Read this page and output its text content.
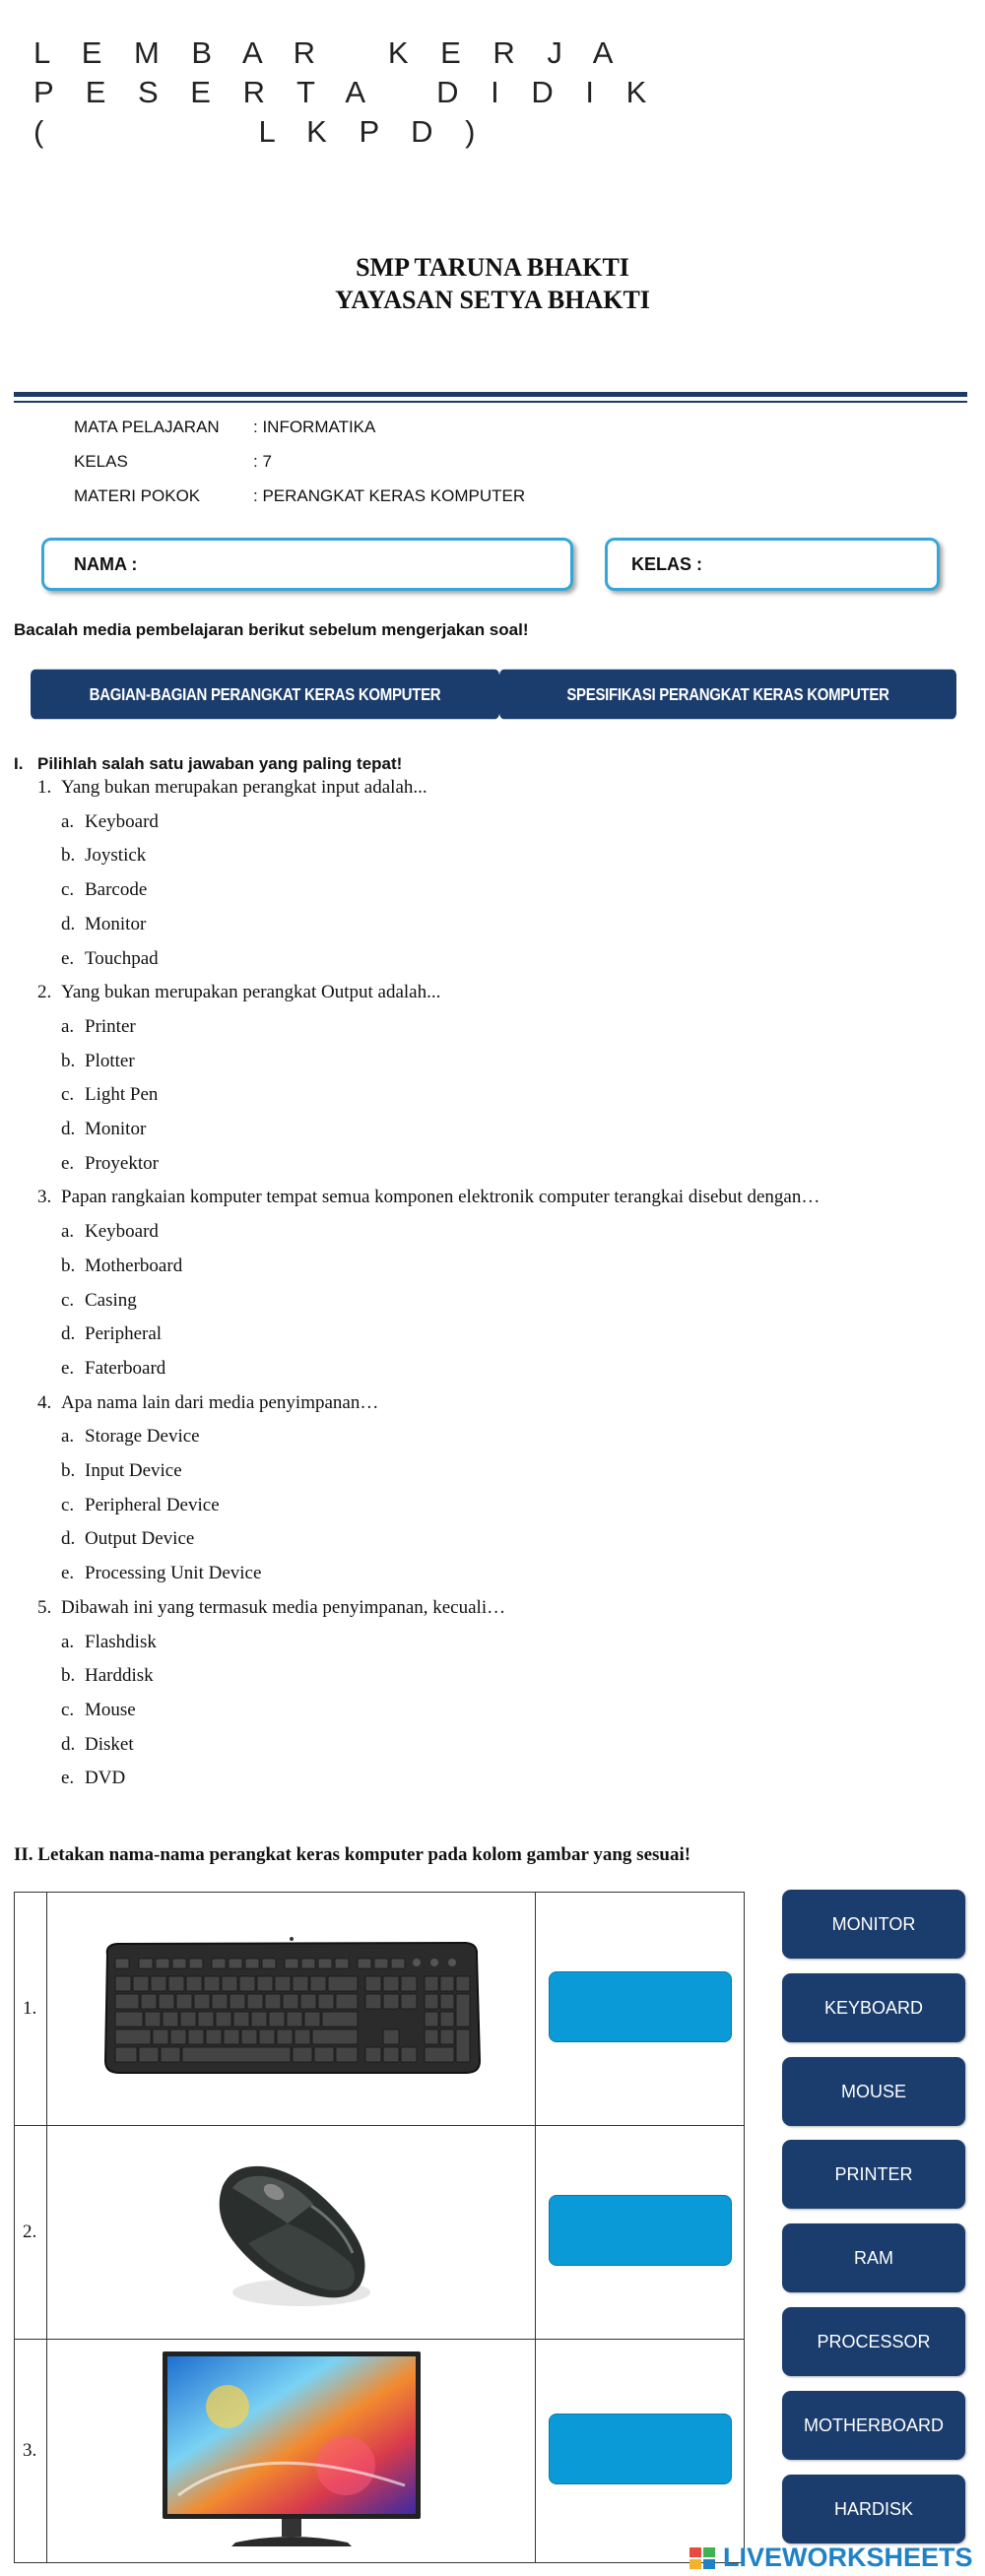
L E M B A R   K E R J A
P E S E R T A   D I D I K
(          L K P D )
SMP TARUNA BHAKTI
YAYASAN SETYA BHAKTI
MATA PELAJARAN	: INFORMATIKA
KELAS	: 7
MATERI POKOK	: PERANGKAT KERAS KOMPUTER
NAMA :	KELAS :
Bacalah media pembelajaran berikut sebelum mengerjakan soal!
BAGIAN-BAGIAN PERANGKAT KERAS KOMPUTER	SPESIFIKASI PERANGKAT KERAS KOMPUTER
I. Pilihlah salah satu jawaban yang paling tepat!
1. Yang bukan merupakan perangkat input adalah...
a. Keyboard
b. Joystick
c. Barcode
d. Monitor
e. Touchpad
2. Yang bukan merupakan perangkat Output adalah...
a. Printer
b. Plotter
c. Light Pen
d. Monitor
e. Proyektor
3. Papan rangkaian komputer tempat semua komponen elektronik computer terangkai disebut dengan…
a. Keyboard
b. Motherboard
c. Casing
d. Peripheral
e. Faterboard
4. Apa nama lain dari media penyimpanan…
a. Storage Device
b. Input Device
c. Peripheral Device
d. Output Device
e. Processing Unit Device
5. Dibawah ini yang termasuk media penyimpanan, kecuali…
a. Flashdisk
b. Harddisk
c. Mouse
d. Disket
e. DVD
II. Letakan nama-nama perangkat keras komputer pada kolom gambar yang sesuai!
1.		
2.		
3.		
MONITOR
KEYBOARD
MOUSE
PRINTER
RAM
PROCESSOR
MOTHERBOARD
HARDISK
LIVEWORKSHEETS
